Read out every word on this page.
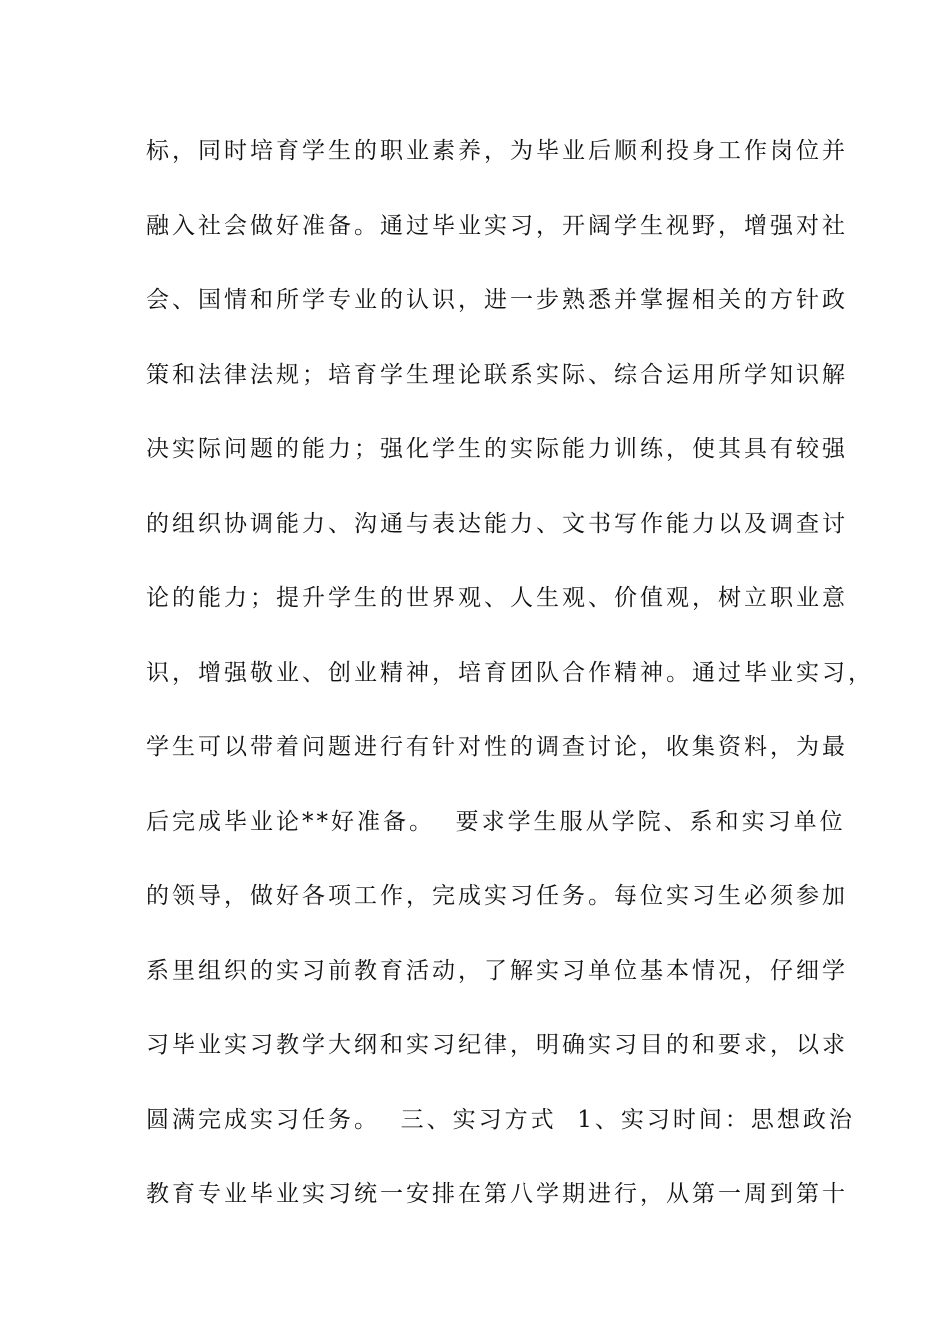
标，同时培育学生的职业素养，为毕业后顺利投身工作岗位并
融入社会做好准备。通过毕业实习，开阔学生视野，增强对社
会、国情和所学专业的认识，进一步熟悉并掌握相关的方针政
策和法律法规；培育学生理论联系实际、综合运用所学知识解
决实际问题的能力；强化学生的实际能力训练，使其具有较强
的组织协调能力、沟通与表达能力、文书写作能力以及调查讨
论的能力；提升学生的世界观、人生观、价值观，树立职业意
识，增强敬业、创业精神，培育团队合作精神。通过毕业实习，
学生可以带着问题进行有针对性的调查讨论，收集资料，为最
后完成毕业论**好准备。  要求学生服从学院、系和实习单位
的领导，做好各项工作，完成实习任务。每位实习生必须参加
系里组织的实习前教育活动，了解实习单位基本情况，仔细学
习毕业实习教学大纲和实习纪律，明确实习目的和要求，以求
圆满完成实习任务。  三、实习方式  1、实习时间：思想政治
教育专业毕业实习统一安排在第八学期进行，从第一周到第十
